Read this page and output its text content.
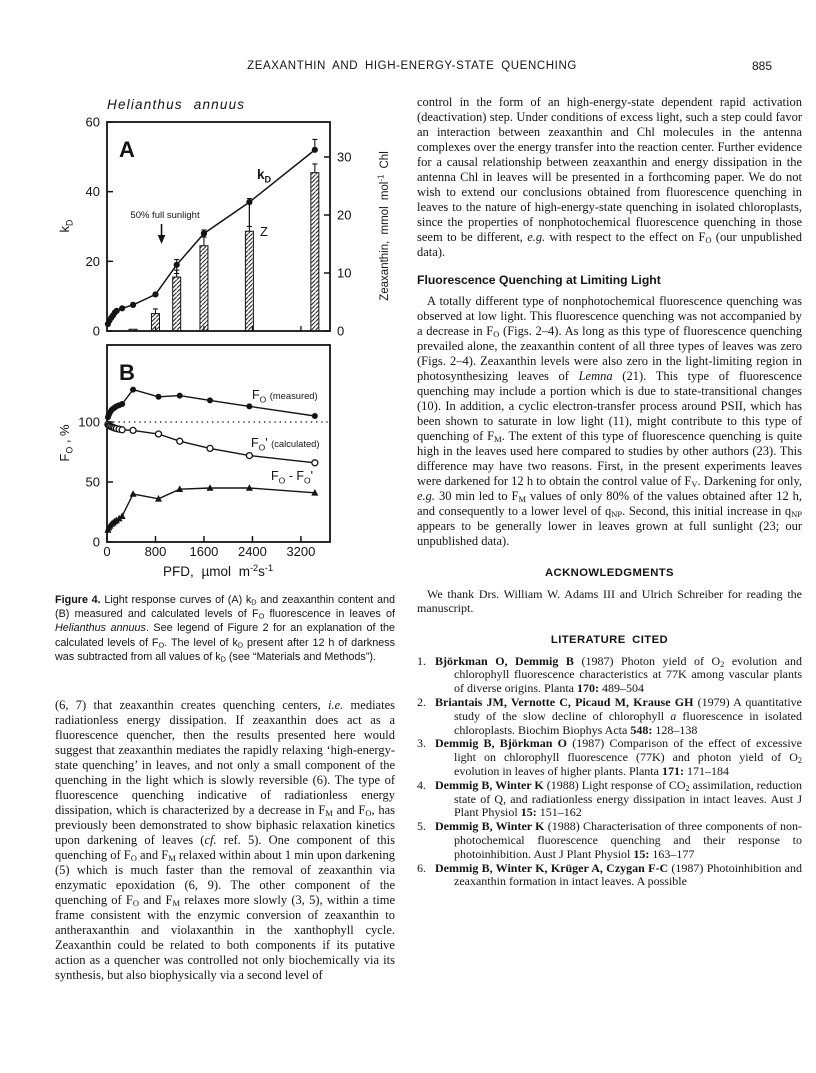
ZEAXANTHIN AND HIGH-ENERGY-STATE QUENCHING	885
Helianthus annuus
0
20
40
60
0
10
20
30
$k_D$	Zeaxanthin, mmol mol$^{-1}$ Chl
A
Z
$k_D$
50% full sunlight
0
50
100
0	800 1600 2400 3200
$F_O$ , %
PFD, µmol $m^{-2}s^{-1}$
B
$F_O$ (measured)
$F_O'$ (calculated)
$F_O - F_O'$
Figure 4. Light response curves of (A) $k_D$ and zeaxanthin content and (B) measured and calculated levels of $F_O$ fluorescence in leaves of Helianthus annuus. See legend of Figure 2 for an explanation of the calculated levels of $F_O$. The level of $k_D$ present after 12 h of darkness was subtracted from all values of $k_D$ (see “Materials and Methods”).

(6, 7) that zeaxanthin creates quenching centers, i.e. mediates radiationless energy dissipation. If zeaxanthin does act as a fluorescence quencher, then the results presented here would suggest that zeaxanthin mediates the rapidly relaxing ‘high-energy-state quenching’ in leaves, and not only a small component of the quenching in the light which is slowly reversible (6). The type of fluorescence quenching indicative of radiationless energy dissipation, which is characterized by a decrease in $F_M$ and $F_O$, has previously been demonstrated to show biphasic relaxation kinetics upon darkening of leaves (cf. ref. 5). One component of this quenching of $F_O$ and $F_M$ relaxed within about 1 min upon darkening (5) which is much faster than the removal of zeaxanthin via enzymatic epoxidation (6, 9). The other component of the quenching of $F_O$ and $F_M$ relaxes more slowly (3, 5), within a time frame consistent with the enzymic conversion of zeaxanthin to antheraxanthin and violaxanthin in the xanthophyll cycle. Zeaxanthin could be related to both components if its putative action as a quencher was controlled not only biochemically via its synthesis, but also biophysically via a second level of

control in the form of an high-energy-state dependent rapid activation (deactivation) step. Under conditions of excess light, such a step could favor an interaction between zeaxanthin and Chl molecules in the antenna complexes over the energy transfer into the reaction center. Further evidence for a causal relationship between zeaxanthin and energy dissipation in the antenna Chl in leaves will be presented in a forthcoming paper. We do not wish to extend our conclusions obtained from fluorescence quenching in leaves to the nature of high-energy-state quenching in isolated chloroplasts, since the properties of nonphotochemical fluorescence quenching in those seem to be different, e.g. with respect to the effect on $F_O$ (our unpublished data).

Fluorescence Quenching at Limiting Light

A totally different type of nonphotochemical fluorescence quenching was observed at low light. This fluorescence quenching was not accompanied by a decrease in $F_O$ (Figs. 2–4). As long as this type of fluorescence quenching prevailed alone, the zeaxanthin content of all three types of leaves was zero (Figs. 2–4). Zeaxanthin levels were also zero in the light-limiting region in photosynthesizing leaves of Lemna (21). This type of fluorescence quenching may include a portion which is due to state-transitional changes (10). In addition, a cyclic electron-transfer process around PSII, which has been shown to saturate in low light (11), might contribute to this type of quenching of $F_M$. The extent of this type of fluorescence quenching is quite high in the leaves used here compared to studies by other authors (23). This difference may have two reasons. First, in the present experiments leaves were darkened for 12 h to obtain the control value of $F_V$. Darkening for only, e.g. 30 min led to $F_M$ values of only 80% of the values obtained after 12 h, and consequently to a lower level of $q_{NP}$. Second, this initial increase in $q_{NP}$ appears to be generally lower in leaves grown at full sunlight (23; our unpublished data).

ACKNOWLEDGMENTS

We thank Drs. William W. Adams III and Ulrich Schreiber for reading the manuscript.

LITERATURE CITED
1. Björkman O, Demmig B (1987) Photon yield of $O_2$ evolution and chlorophyll fluorescence characteristics at 77K among vascular plants of diverse origins. Planta 170: 489–504
2. Briantais JM, Vernotte C, Picaud M, Krause GH (1979) A quantitative study of the slow decline of chlorophyll a fluorescence in isolated chloroplasts. Biochim Biophys Acta 548: 128–138
3. Demmig B, Björkman O (1987) Comparison of the effect of excessive light on chlorophyll fluorescence (77K) and photon yield of $O_2$ evolution in leaves of higher plants. Planta 171: 171–184
4. Demmig B, Winter K (1988) Light response of $CO_2$ assimilation, reduction state of Q, and radiationless energy dissipation in intact leaves. Aust J Plant Physiol 15: 151–162
5. Demmig B, Winter K (1988) Characterisation of three components of non-photochemical fluorescence quenching and their response to photoinhibition. Aust J Plant Physiol 15: 163–177
6. Demmig B, Winter K, Krüger A, Czygan F-C (1987) Photoinhibition and zeaxanthin formation in intact leaves. A possible
